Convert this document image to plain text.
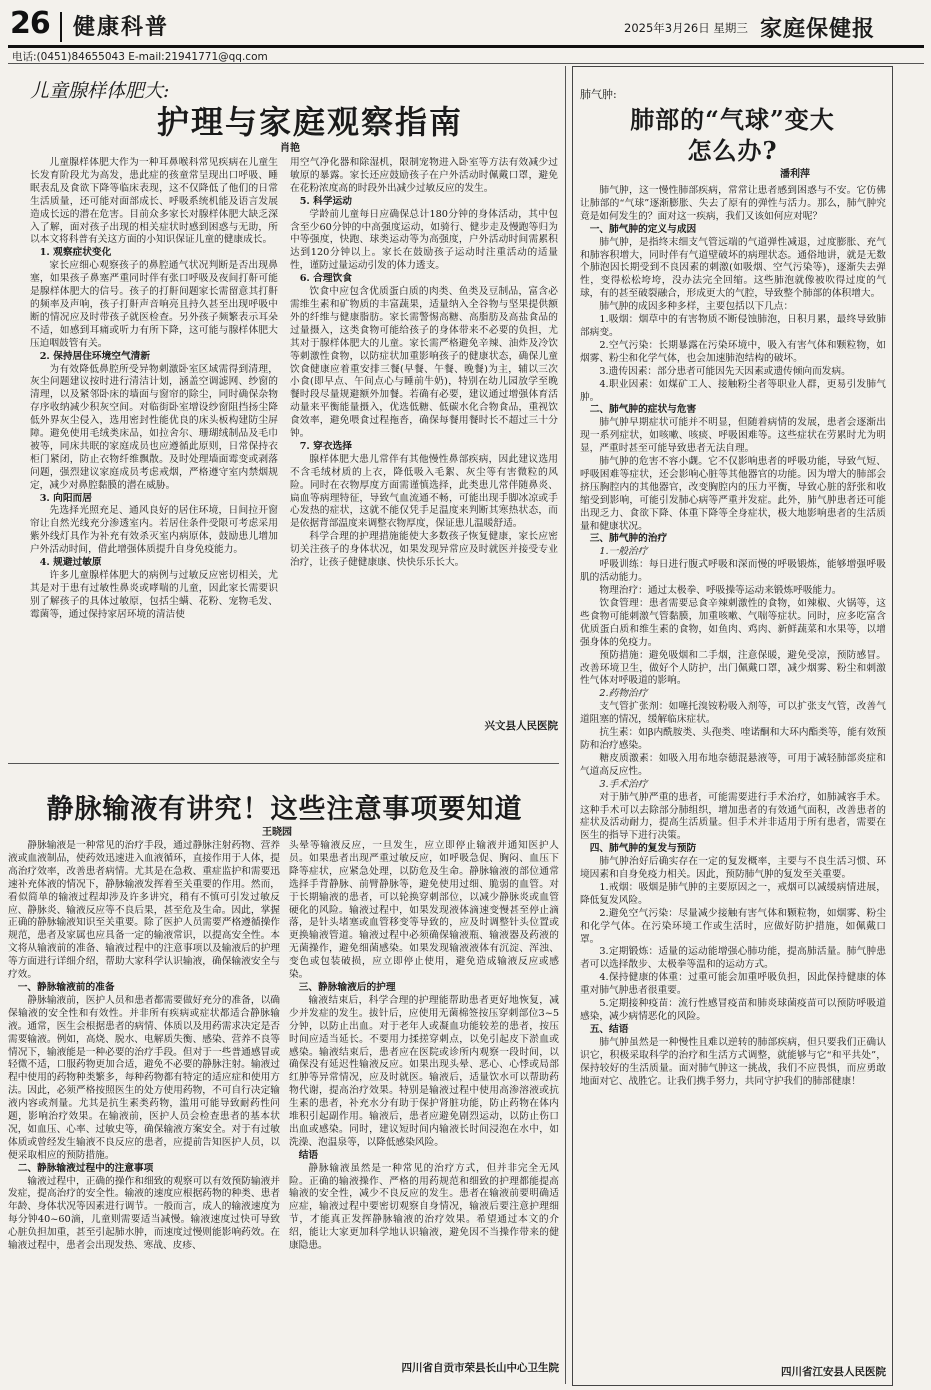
26 健康科普	2025年3月26日 星期三 家庭保健报
电话:(0451)84655043 E-mail:21941771@qq.com
儿童腺样体肥大:
护理与家庭观察指南
肖艳

儿童腺样体肥大作为一种耳鼻喉科常见疾病在儿童生长发育阶段尤为高发，患此症的孩童常呈现出口呼吸、睡眠表乱及食欲下降等临床表现，这不仅降低了他们的日常生活质量，还可能对面部成长、呼吸系统机能及语言发展造成长远的潜在危害。目前众多家长对腺样体肥大缺乏深入了解，面对孩子出现的相关症状时感到困惑与无助，所以本文将科普有关这方面的小知识保证儿童的健康成长。

1. 观察症状变化

家长应细心观察孩子的鼻腔通气状况判断是否出现鼻塞，如果孩子鼻塞严重同时伴有张口呼吸及夜间打鼾可能是腺样体肥大的信号。孩子的打鼾间题家长需留意其打鼾的频率及声响，孩子打鼾声音响亮且持久甚至出现呼吸中断的情况应及时带孩子就医检查。另外孩子频繁表示耳朵不适，如感到耳痛或听力有所下降，这可能与腺样体肥大压迫咽鼓管有关。

2. 保持居住环境空气清新

为有效降低鼻腔所受异物刺激卧室区域需得到清理，灰尘问题建议按时进行清洁计划，涵盖空调滤网、纱窗的清理，以及紧邻卧床的墙面与窗帘的除尘，同时确保杂物存序收纳减少积灰空间。对临街卧室增设纱窗阻挡扬尘降低外界灰尘侵入，选用密封性能优良的床头板构建防尘屏障。避免使用毛绒类床品，如拉舍尔、珊瑚绒制品及毛巾被等，同床共眠的家庭成员也应遵循此原则，日常保持衣柜门紧闭，防止衣物纤维飘散。及时处理墙面霉变或剥落问题，强烈建议家庭成员考虑戒烟，严格遵守室内禁烟规定，减少对鼻腔黏膜的潜在威胁。

3. 向阳而居

先选择光照充足、通风良好的居住环境，日间拉开窗帘让自然光线充分渗透室内。若居住条件受限可考虑采用紫外线灯具作为补充有效杀灭室内病原体，鼓励患儿增加户外活动时间，借此增强体质提升自身免疫能力。

4. 规避过敏原

许多儿童腺样体肥大的病例与过敏反应密切相关，尤其是对于患有过敏性鼻炎或哮喘的儿童，因此家长需要识别了解孩子的具体过敏原，包括尘螨、花粉、宠物毛发、霉菌等，通过保持家居环境的清洁使

用空气净化器和除湿机，限制宠物进入卧室等方法有效减少过敏原的暴露。家长还应鼓励孩子在户外活动时佩戴口罩，避免在花粉浓度高的时段外出减少过敏反应的发生。

5. 科学运动

学龄前儿童每日应确保总计180分钟的身体活动，其中包含至少60分钟的中高强度运动，如骑行、健步走及慢跑等归为中等强度，快跑、球类运动等为高强度，户外活动时间需累积达到120分钟以上。家长在鼓励孩子运动时注重活动的适量性，谨防过量运动引发的体力透支。

6. 合理饮食

饮食中应包含优质蛋白质的肉类、鱼类及豆制品，富含必需维生素和矿物质的丰富蔬果，适量纳入全谷物与坚果提供额外的纤维与健康脂肪。家长需警惕高糖、高脂肪及高盐食品的过量摄入，这类食物可能给孩子的身体带来不必要的负担，尤其对于腺样体肥大的儿童。家长需严格避免辛辣、油炸及冷饮等刺激性食物，以防症状加重影响孩子的健康状态，确保儿童饮食健康应着重安排三餐(早餐、午餐、晚餐)为主，辅以三次小食(即早点、午间点心与睡前牛奶)，特别在幼儿园放学至晚餐时段尽量规避额外加餐。若确有必要，建议通过增强体育活动量来平衡能量摄入，优选低糖、低碳水化合物食品，重视饮食效率，避免喂食过程拖沓，确保每餐用餐时长不超过三十分钟。

7. 穿衣选择

腺样体肥大患儿常伴有其他慢性鼻部疾病，因此建议选用不含毛绒材质的上衣，降低吸入毛絮、灰尘等有害微粒的风险。同时在衣物厚度方面需谨慎选择，此类患儿常伴随鼻炎、扁血等病理特征，导致气血流通不畅，可能出现手脚冰凉或手心发热的症状，这就不能仅凭手足温度来判断其寒热状态，而是依据背部温度来调整衣物厚度，保证患儿温暖舒适。

科学合理的护理措施能使大多数孩子恢复健康，家长应密切关注孩子的身体状况，如果发现异常应及时就医并接受专业治疗，让孩子健健康康、快快乐乐长大。

兴文县人民医院
静脉输液有讲究！这些注意事项要知道
王晓园

静脉输液是一种常见的治疗手段，通过静脉注射药物、营养液或血液制品，使药效迅速进入血液循环，直接作用于人体，提高治疗效率，改善患者病情。尤其是在急救、重症监护和需要迅速补充体液的情况下，静脉输液发挥着至关重要的作用。然而，看似简单的输液过程却涉及许多讲究，稍有不慎可引发过敏反应、静脉炎、输液反应等不良后果，甚至危及生命。因此，掌握正确的静脉输液知识至关重要。除了医护人员需要严格遵循操作规范，患者及家属也应具备一定的输液常识，以提高安全性。本文将从输液前的准备、输液过程中的注意事项以及输液后的护理等方面进行详细介绍，帮助大家科学认识输液，确保输液安全与疗效。

一、静脉输液前的准备

静脉输液前，医护人员和患者都需要做好充分的准备，以确保输液的安全性和有效性。并非所有疾病或症状都适合静脉输液。通常，医生会根据患者的病情、体质以及用药需求决定是否需要输液。例如，高烧、脱水、电解质失衡、感染、营养不良等情况下，输液能是一种必要的治疗手段。但对于一些普通感冒或轻微不适，口服药物更加合适，避免不必要的静脉注射。输液过程中使用的药物种类繁多，每种药物都有特定的适应症和使用方法。因此，必须严格按照医生的处方使用药物，不可自行决定输液内容或剂量。尤其是抗生素类药物，滥用可能导致耐药性问题，影响治疗效果。在输液前，医护人员会检查患者的基本状况，如血压、心率、过敏史等，确保输液方案安全。对于有过敏体质或曾经发生输液不良反应的患者，应提前告知医护人员，以便采取相应的预防措施。

二、静脉输液过程中的注意事项

输液过程中，正确的操作和细致的观察可以有效预防输液并发症，提高治疗的安全性。输液的速度应根据药物的种类、患者年龄、身体状况等因素进行调节。一般而言，成人的输液速度为每分钟40~60滴，儿童则需要适当减慢。输液速度过快可导致心脏负担加重，甚至引起肺水肿，而速度过慢则能影响药效。在输液过程中，患者会出现发热、寒战、皮疹、

头晕等输液反应，一旦发生，应立即停止输液并通知医护人员。如果患者出现严重过敏反应，如呼吸急促、胸闷、血压下降等症状，应紧急处理，以防危及生命。静脉输液的部位通常选择手背静脉、前臂静脉等，避免使用过细、脆弱的血管。对于长期输液的患者，可以轮换穿刺部位，以减少静脉炎或血管硬化的风险。输液过程中，如果发现液体滴速变慢甚至停止滴落，是针头堵塞或血管移变等导致的，应及时调整针头位置或更换输液管道。输液过程中必须确保输液瓶、输液器及药液的无菌操作，避免细菌感染。如果发现输液液体有沉淀、浑浊、变色或包装破损，应立即停止使用，避免造成输液反应或感染。

三、静脉输液后的护理

输液结束后，科学合理的护理能帮助患者更好地恢复，减少并发症的发生。拔针后，应使用无菌棉签按压穿刺部位3~5分钟，以防止出血。对于老年人或凝血功能较差的患者，按压时间应适当延长。不要用力揉搓穿刺点，以免引起皮下淤血或感染。输液结束后，患者应在医院或诊所内观察一段时间，以确保没有延迟性输液反应。如果出现头晕、恶心、心悸或局部红肿等异常情况，应及时就医。输液后，适量饮水可以帮助药物代谢，提高治疗效果。特别是输液过程中使用高渗溶液或抗生素的患者，补充水分有助于保护肾脏功能，防止药物在体内堆积引起副作用。输液后，患者应避免剧烈运动，以防止伤口出血或感染。同时，建议短时间内输液长时间浸泡在水中，如洗澡、泡温泉等，以降低感染风险。

结语

静脉输液虽然是一种常见的治疗方式，但并非完全无风险。正确的输液操作、严格的用药规范和细致的护理都能提高输液的安全性，减少不良反应的发生。患者在输液前要明确适应症，输液过程中要密切观察自身情况，输液后要注意护理细节，才能真正发挥静脉输液的治疗效果。希望通过本文的介绍，能让大家更加科学地认识输液，避免因不当操作带来的健康隐患。

四川省自贡市荣县长山中心卫生院
肺气肿:
肺部的“气球”变大
怎么办?
潘利萍

肺气肿，这一慢性肺部疾病，常常让患者感到困惑与不安。它仿佛让肺部的“气球”逐渐膨胀、失去了原有的弹性与活力。那么，肺气肿究竟是如何发生的？面对这一疾病，我们又该如何应对呢？

一、肺气肿的定义与成因

肺气肿，是指终末细支气管远端的气道弹性减退，过度膨胀、充气和肺容积增大，同时伴有气道壁破坏的病理状态。通俗地讲，就是无数个肺泡因长期受到不良因素的刺激(如吸烟、空气污染等)，逐渐失去弹性，变得松松垮垮，没办法完全回缩。这些肺泡就像被吹得过度的气球，有的甚至破裂融合，形成更大的气腔，导致整个肺部的体积增大。

肺气肿的成因多种多样，主要包括以下几点：

1.吸烟：烟草中的有害物质不断侵蚀肺泡，日积月累，最终导致肺部病变。

2.空气污染：长期暴露在污染环境中，吸入有害气体和颗粒物，如烟雾、粉尘和化学气体，也会加速肺泡结构的破坏。

3.遗传因素：部分患者可能因先天因素或遗传倾向而发病。

4.职业因素：如煤矿工人、接触粉尘者等职业人群，更易引发肺气肿。

二、肺气肿的症状与危害

肺气肿早期症状可能并不明显，但随着病情的发展，患者会逐渐出现一系列症状，如咳嗽、咳痰、呼吸困难等。这些症状在劳累时尤为明显，严重时甚至可能导致患者无法自理。

肺气肿的危害不容小觑。它不仅影响患者的呼吸功能，导致气短、呼吸困难等症状，还会影响心脏等其他器官的功能。因为增大的肺部会挤压胸腔内的其他器官，改变胸腔内的压力平衡，导致心脏的舒张和收缩受到影响，可能引发肺心病等严重并发症。此外，肺气肿患者还可能出现乏力、食欲下降、体重下降等全身症状，极大地影响患者的生活质量和健康状况。

三、肺气肿的治疗

1.一般治疗

呼吸训练：每日进行腹式呼吸和深而慢的呼吸锻炼，能够增强呼吸肌的活动能力。

物理治疗：通过太极拳、呼吸操等运动来锻炼呼吸能力。

饮食管理：患者需要忌食辛辣刺激性的食物，如辣椒、火锅等，这些食物可能刺激气管黏膜，加重咳嗽、气喘等症状。同时，应多吃富含优质蛋白质和维生素的食物，如鱼肉、鸡肉、新鲜蔬菜和水果等，以增强身体的免疫力。

预防措施：避免吸烟和二手烟，注意保暖，避免受凉，预防感冒。改善环境卫生，做好个人防护，出门佩戴口罩，减少烟雾、粉尘和刺激性气体对呼吸道的影响。

2.药物治疗

支气管扩张剂：如噻托溴铵粉吸入剂等，可以扩张支气管，改善气道阻塞的情况，缓解临床症状。

抗生素：如β内酰胺类、头孢类、喹诺酮和大环内酯类等，能有效预防和治疗感染。

糖皮质激素：如吸入用布地奈德混悬液等，可用于减轻肺部炎症和气道高反应性。

3.手术治疗

对于肺气肿严重的患者，可能需要进行手术治疗，如肺减容手术。这种手术可以去除部分肺组织，增加患者的有效通气面积，改善患者的症状及活动耐力，提高生活质量。但手术并非适用于所有患者，需要在医生的指导下进行决策。

四、肺气肿的复发与预防

肺气肿治好后确实存在一定的复发概率，主要与不良生活习惯、环境因素和自身免疫力相关。因此，预防肺气肿的复发至关重要。

1.戒烟：吸烟是肺气肿的主要原因之一，戒烟可以减缓病情进展，降低复发风险。

2.避免空气污染：尽量减少接触有害气体和颗粒物，如烟雾、粉尘和化学气体。在污染环境工作或生活时，应做好防护措施，如佩戴口罩。

3.定期锻炼：适量的运动能增强心肺功能，提高肺活量。肺气肿患者可以选择散步、太极拳等温和的运动方式。

4.保持健康的体重：过重可能会加重呼吸负担，因此保持健康的体重对肺气肿患者很重要。

5.定期接种疫苗：流行性感冒疫苗和肺炎球菌疫苗可以预防呼吸道感染，减少病情恶化的风险。

五、结语

肺气肿虽然是一种慢性且难以逆转的肺部疾病，但只要我们正确认识它，积极采取科学的治疗和生活方式调整，就能够与它“和平共处”，保持较好的生活质量。面对肺气肿这一挑战，我们不应畏惧，而应勇敢地面对它、战胜它。让我们携手努力，共同守护我们的肺部健康！

四川省江安县人民医院
